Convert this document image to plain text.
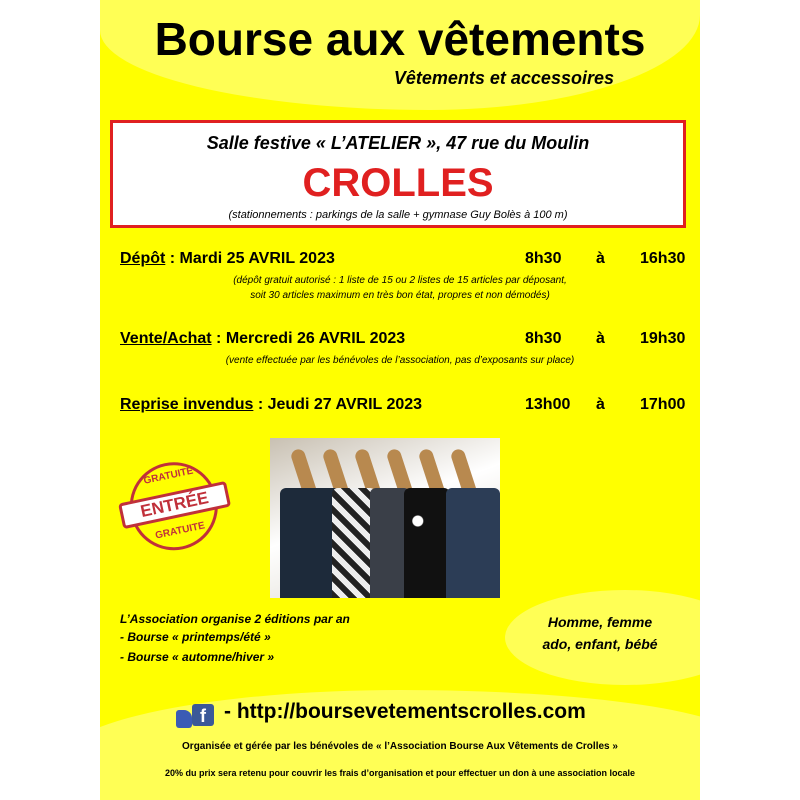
Bourse aux vêtements
Vêtements et accessoires
Salle festive « L’ATELIER », 47 rue du Moulin
CROLLES
(stationnements : parkings de la salle + gymnase Guy Bolès à 100 m)
Dépôt : Mardi 25 AVRIL 2023	8h30 à 16h30
(dépôt gratuit autorisé : 1 liste de 15 ou 2 listes de 15 articles par déposant,
soit 30 articles maximum en très bon état, propres et non démodés)
Vente/Achat : Mercredi 26 AVRIL 2023	8h30 à 19h30
(vente effectuée par les bénévoles de l’association, pas d’exposants sur place)
Reprise invendus : Jeudi 27 AVRIL 2023	13h00 à 17h00
GRATUITE
ENTRÉE
GRATUITE
L’Association organise 2 éditions par an
- Bourse « printemps/été »
- Bourse « automne/hiver »
Homme, femme
ado, enfant, bébé
f - http://boursevetementscrolles.com
Organisée et gérée par les bénévoles de « l’Association Bourse Aux Vêtements de Crolles »
20% du prix sera retenu pour couvrir les frais d’organisation et pour effectuer un don à une association locale
